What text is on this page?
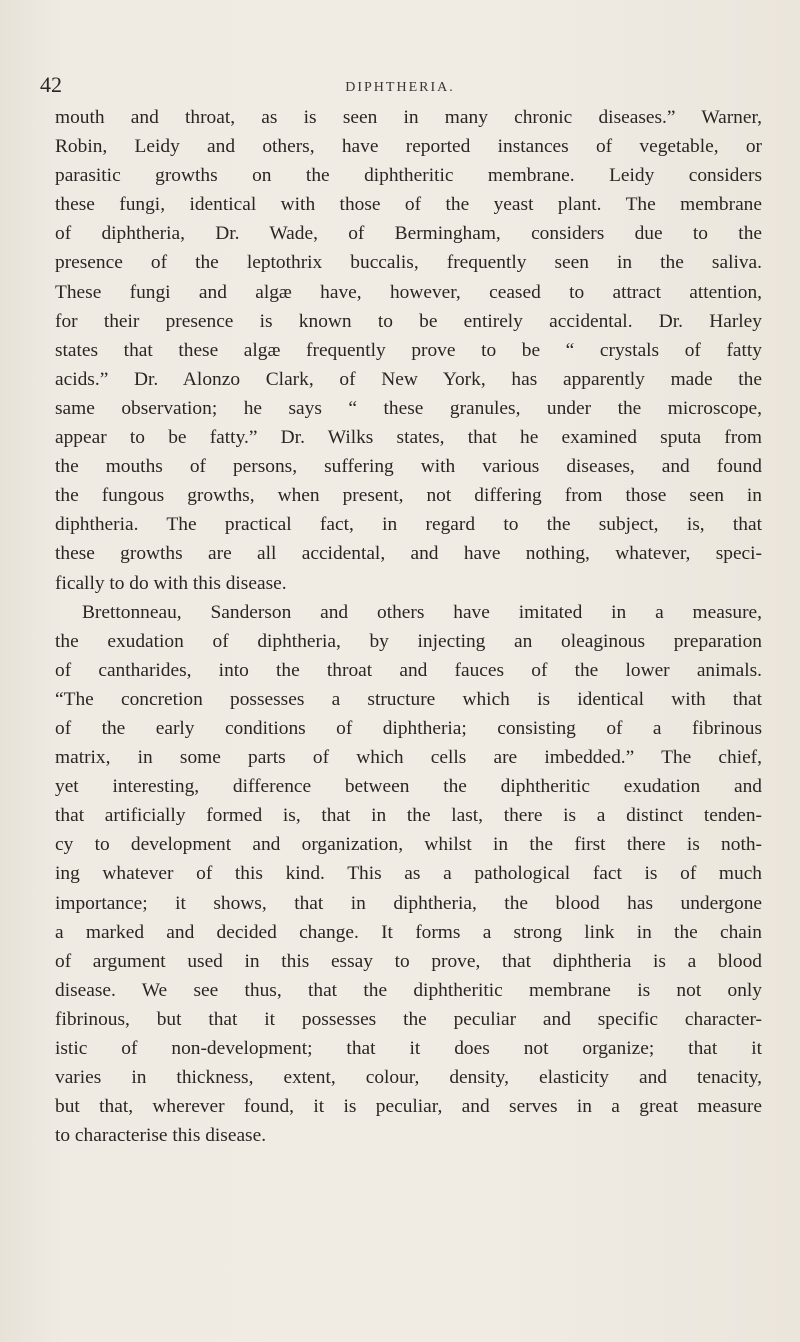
42	DIPHTHERIA.
mouth and throat, as is seen in many chronic diseases.” Warner,
Robin, Leidy and others, have reported instances of vegetable, or
parasitic growths on the diphtheritic membrane. Leidy considers
these fungi, identical with those of the yeast plant. The membrane
of diphtheria, Dr. Wade, of Bermingham, considers due to the
presence of the leptothrix buccalis, frequently seen in the saliva.
These fungi and algæ have, however, ceased to attract attention,
for their presence is known to be entirely accidental. Dr. Harley
states that these algæ frequently prove to be “ crystals of fatty
acids.” Dr. Alonzo Clark, of New York, has apparently made the
same observation; he says “ these granules, under the microscope,
appear to be fatty.” Dr. Wilks states, that he examined sputa from
the mouths of persons, suffering with various diseases, and found
the fungous growths, when present, not differing from those seen in
diphtheria. The practical fact, in regard to the subject, is, that
these growths are all accidental, and have nothing, whatever, speci-
fically to do with this disease.
Brettonneau, Sanderson and others have imitated in a measure,
the exudation of diphtheria, by injecting an oleaginous preparation
of cantharides, into the throat and fauces of the lower animals.
“The concretion possesses a structure which is identical with that
of the early conditions of diphtheria; consisting of a fibrinous
matrix, in some parts of which cells are imbedded.” The chief,
yet interesting, difference between the diphtheritic exudation and
that artificially formed is, that in the last, there is a distinct tenden-
cy to development and organization, whilst in the first there is noth-
ing whatever of this kind. This as a pathological fact is of much
importance; it shows, that in diphtheria, the blood has undergone
a marked and decided change. It forms a strong link in the chain
of argument used in this essay to prove, that diphtheria is a blood
disease. We see thus, that the diphtheritic membrane is not only
fibrinous, but that it possesses the peculiar and specific character-
istic of non-development; that it does not organize; that it
varies in thickness, extent, colour, density, elasticity and tenacity,
but that, wherever found, it is peculiar, and serves in a great measure
to characterise this disease.
